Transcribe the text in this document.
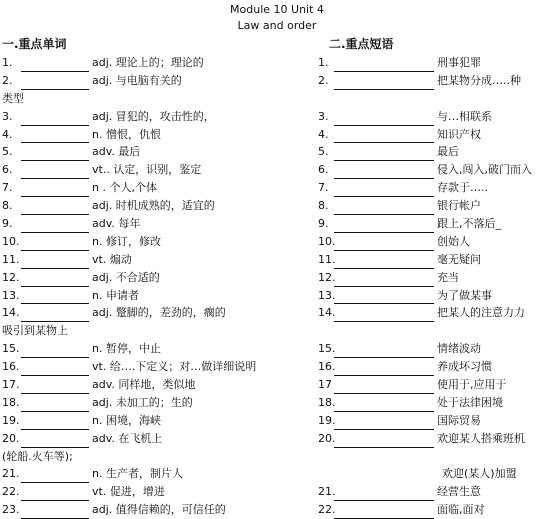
Module 10 Unit 4
Law and order
一.重点单词	二.重点短语
1.	adj. 理论上的；理论的
2.	adj. 与电脑有关的
类型
3.	adj. 冒犯的，攻击性的，
4.	n. 憎恨，仇恨
5.	adv. 最后
6.	vt.. 认定，识别，鉴定
7.	n . 个人,个体
8.	adj. 时机成熟的，适宜的
9.	adv. 每年
10.	n. 修订，修改
11.	vt. 煽动
12.	adj. 不合适的
13.	n. 申请者
14.	adj. 蹩脚的，差劲的，瘸的
吸引到某物上
15.	n. 暂停，中止
16.	vt. 给….下定义；对…做详细说明
17.	adv. 同样地，类似地
18.	adj. 未加工的；生的
19.	n. 困境，海峡
20.	adv. 在飞机上
(轮船.火车等);
21.	n. 生产者，制片人
22.	vt. 促进，增进
23.	adj. 值得信赖的，可信任的
1.	刑事犯罪
2.	把某物分成…..种
3.	与…相联系
4.	知识产权
5.	最后
6.	侵入,闯入,破门而入
7.	存款于…..
8.	银行帐户
9.	跟上,不落后_
10.	创始人
11.	毫无疑问
12.	充当
13.	为了做某事
14.	把某人的注意力力
15.	情绪波动
16.	养成坏习惯
17	使用于,应用于
18.	处于法律困境
19.	国际贸易
20.	欢迎某人搭乘班机
欢迎(某人)加盟
21.	经营生意
22.	面临,面对
